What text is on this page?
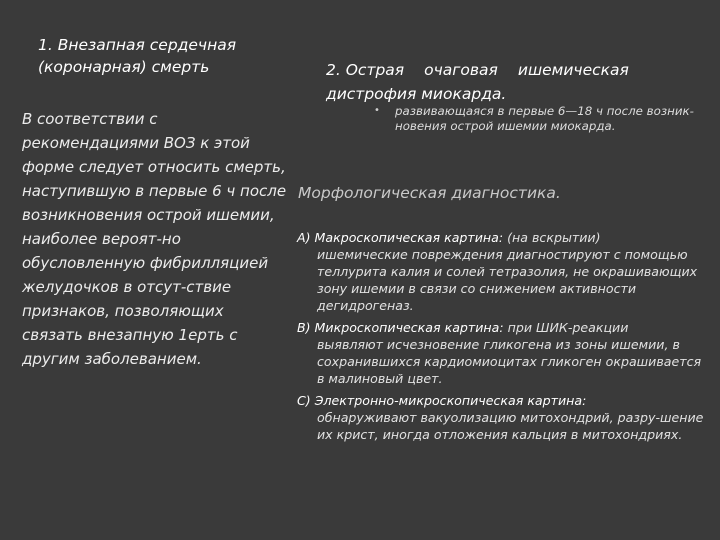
1. Внезапная сердечная (коронарная) смерть
В соответствии с рекомендациями ВОЗ к этой форме следует относить смерть, наступившую в первые 6 ч после возникновения острой ишемии, наиболее вероят-но обусловленную фибрилляцией желудочков в отсут-ствие признаков, позволяющих связать внезапную 1ерть с другим заболеванием.
2. Острая очаговая ишемическая
дистрофия миокарда.
•	развивающаяся в первые 6—18 ч после возник-новения острой ишемии миокарда.
Морфологическая диагностика.
А) Макроскопическая картина: (на вскрытии)
ишемические повреждения диагностируют с помощью теллурита калия и солей тетразолия, не окрашивающих зону ишемии в связи со снижением активности дегидрогеназ.
В) Микроскопическая картина: при ШИК-реакции
выявляют исчезновение гликогена из зоны ишемии, в сохранившихся кардиомиоцитах гликоген окрашивается в малиновый цвет.
С) Электронно-микроскопическая картина:
обнаруживают вакуолизацию митохондрий, разру-шение их крист, иногда отложения кальция в митохондриях.
